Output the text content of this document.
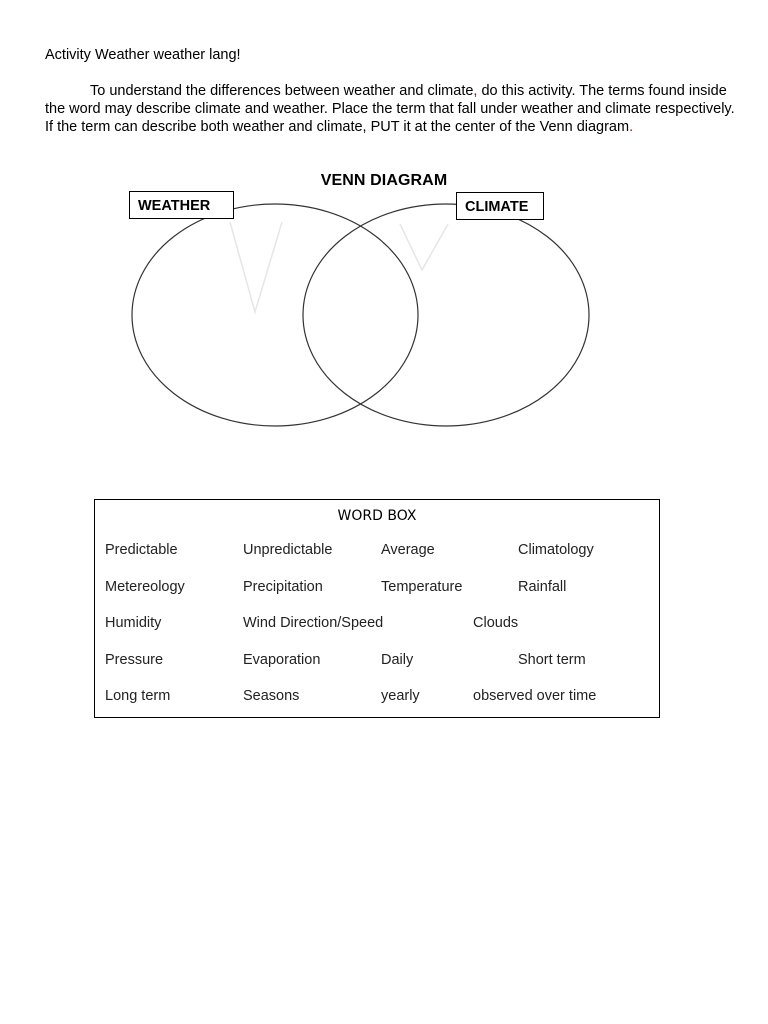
Activity Weather weather lang!
To understand the differences between weather and climate, do this activity. The terms found inside the word may describe climate and weather. Place the term that fall under weather and climate respectively. If the term can describe both weather and climate, PUT it at the center of the Venn diagram.
VENN DIAGRAM
WEATHER	CLIMATE
WORD BOX
Predictable	Unpredictable	Average	Climatology
Metereology	Precipitation	Temperature	Rainfall
Humidity	Wind Direction/Speed	Clouds
Pressure	Evaporation	Daily	Short term
Long term	Seasons	yearly	observed over time
